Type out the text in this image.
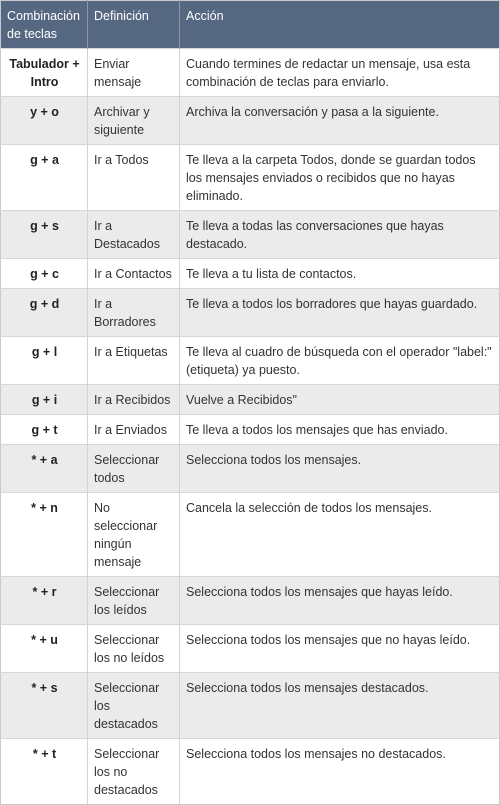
Combinación de teclas	Definición	Acción
Tabulador + Intro	Enviar mensaje	Cuando termines de redactar un mensaje, usa esta combinación de teclas para enviarlo.
y + o	Archivar y siguiente	Archiva la conversación y pasa a la siguiente.
g + a	Ir a Todos	Te lleva a la carpeta Todos, donde se guardan todos los mensajes enviados o recibidos que no hayas eliminado.
g + s	Ir a Destacados	Te lleva a todas las conversaciones que hayas destacado.
g + c	Ir a Contactos	Te lleva a tu lista de contactos.
g + d	Ir a Borradores	Te lleva a todos los borradores que hayas guardado.
g + l	Ir a Etiquetas	Te lleva al cuadro de búsqueda con el operador "label:" (etiqueta) ya puesto.
g + i	Ir a Recibidos	Vuelve a Recibidos"
g + t	Ir a Enviados	Te lleva a todos los mensajes que has enviado.
* + a	Seleccionar todos	Selecciona todos los mensajes.
* + n	No seleccionar ningún mensaje	Cancela la selección de todos los mensajes.
* + r	Seleccionar los leídos	Selecciona todos los mensajes que hayas leído.
* + u	Seleccionar los no leídos	Selecciona todos los mensajes que no hayas leído.
* + s	Seleccionar los destacados	Selecciona todos los mensajes destacados.
* + t	Seleccionar los no destacados	Selecciona todos los mensajes no destacados.
